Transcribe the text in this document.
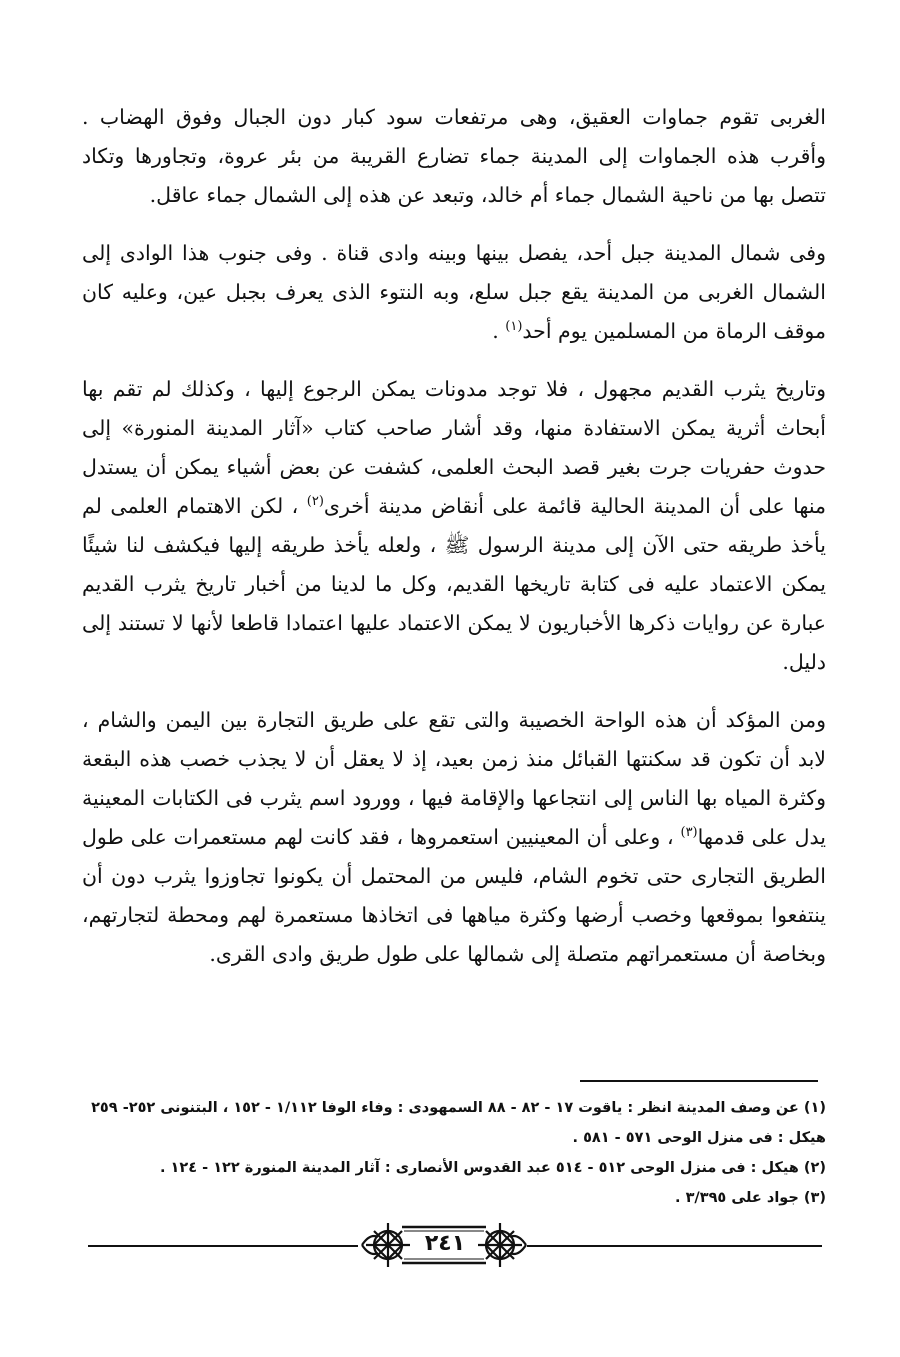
الغربى تقوم جماوات العقيق، وهى مرتفعات سود كبار دون الجبال وفوق الهضاب . وأقرب هذه الجماوات إلى المدينة جماء تضارع القريبة من بئر عروة، وتجاورها وتكاد تتصل بها من ناحية الشمال جماء أم خالد، وتبعد عن هذه إلى الشمال جماء عاقل.

وفى شمال المدينة جبل أحد، يفصل بينها وبينه وادى قناة . وفى جنوب هذا الوادى إلى الشمال الغربى من المدينة يقع جبل سلع، وبه النتوء الذى يعرف بجبل عين، وعليه كان موقف الرماة من المسلمين يوم أحد$^{(١)}$ .

وتاريخ يثرب القديم مجهول ، فلا توجد مدونات يمكن الرجوع إليها ، وكذلك لم تقم بها أبحاث أثرية يمكن الاستفادة منها، وقد أشار صاحب كتاب «آثار المدينة المنورة» إلى حدوث حفريات جرت بغير قصد البحث العلمى، كشفت عن بعض أشياء يمكن أن يستدل منها على أن المدينة الحالية قائمة على أنقاض مدينة أخرى$^{(٢)}$ ، لكن الاهتمام العلمى لم يأخذ طريقه حتى الآن إلى مدينة الرسول ﷺ ، ولعله يأخذ طريقه إليها فيكشف لنا شيئًا يمكن الاعتماد عليه فى كتابة تاريخها القديم، وكل ما لدينا من أخبار تاريخ يثرب القديم عبارة عن روايات ذكرها الأخباريون لا يمكن الاعتماد عليها اعتمادا قاطعا لأنها لا تستند إلى دليل.

ومن المؤكد أن هذه الواحة الخصيبة والتى تقع على طريق التجارة بين اليمن والشام ، لابد أن تكون قد سكنتها القبائل منذ زمن بعيد، إذ لا يعقل أن لا يجذب خصب هذه البقعة وكثرة المياه بها الناس إلى انتجاعها والإقامة فيها ، وورود اسم يثرب فى الكتابات المعينية يدل على قدمها$^{(٣)}$ ، وعلى أن المعينيين استعمروها ، فقد كانت لهم مستعمرات على طول الطريق التجارى حتى تخوم الشام، فليس من المحتمل أن يكونوا تجاوزوا يثرب دون أن ينتفعوا بموقعها وخصب أرضها وكثرة مياهها فى اتخاذها مستعمرة لهم ومحطة لتجارتهم، وبخاصة أن مستعمراتهم متصلة إلى شمالها على طول طريق وادى القرى.

(١) عن وصف المدينة انظر : ياقوت ١٧ - ٨٢ - ٨٨ السمهودى : وفاء الوفا ١/١١٢ - ١٥٢ ، البتنونى ٢٥٢- ٢٥٩ هيكل : فى منزل الوحى ٥٧١ - ٥٨١ .

(٢) هيكل : فى منزل الوحى ٥١٢ - ٥١٤ عبد القدوس الأنصارى : آثار المدينة المنورة ١٢٢ - ١٢٤ .

(٣) جواد على ٣/٣٩٥ .

٢٤١
